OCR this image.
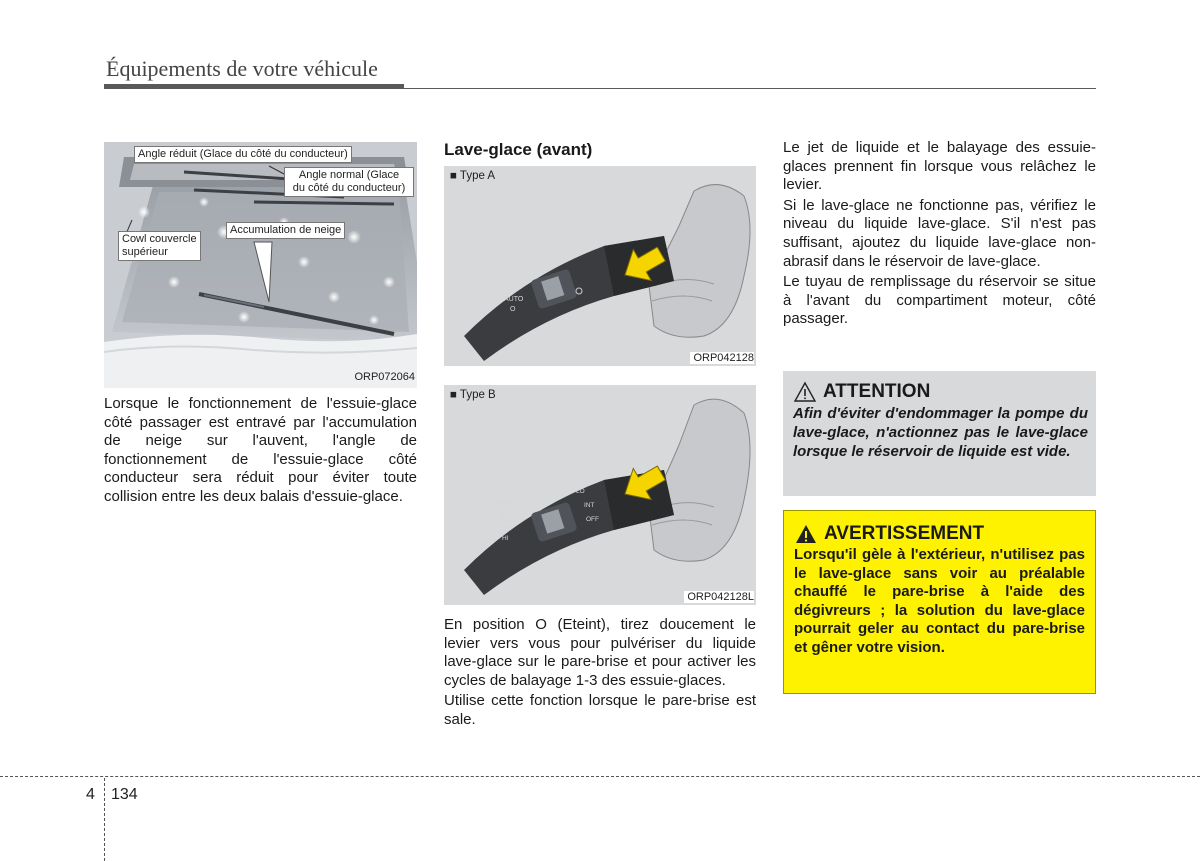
Équipements de votre véhicule
Angle réduit (Glace du côté du conducteur)
Angle normal (Glace
du côté du conducteur)
Accumulation de neige
Cowl couvercle
supérieur
ORP072064
Lorsque le fonctionnement de l'essuie-glace côté passager est entravé par l'accumulation de neige sur l'auvent, l'angle de fonctionnement de l'essuie-glace côté conducteur sera réduit pour éviter toute collision entre les deux balais d'essuie-glace.
Lave-glace (avant)
2
1
AUTO
O
■ Type A
ORP042128
MIST
OFF
AUTO
LO
HI
HI
LO
INT
OFF
■ Type B
ORP042128L

En position O (Eteint), tirez doucement le levier vers vous pour pulvériser du liquide lave-glace sur le pare-brise et pour activer les cycles de balayage 1-3 des essuie-glaces.

Utilise cette fonction lorsque le pare-brise est sale.

Le jet de liquide et le balayage des essuie-glaces prennent fin lorsque vous relâchez le levier.

Si le lave-glace ne fonctionne pas, vérifiez le niveau du liquide lave-glace. S'il n'est pas suffisant, ajoutez du liquide lave-glace non-abrasif dans le réservoir de lave-glace.

Le tuyau de remplissage du réservoir se situe à l'avant du compartiment moteur, côté passager.

ATTENTION
Afin d'éviter d'endommager la pompe du lave-glace, n'actionnez pas le lave-glace lorsque le réservoir de liquide est vide.
AVERTISSEMENT
Lorsqu'il gèle à l'extérieur, n'utilisez pas le lave-glace sans voir au préalable chauffé le pare-brise à l'aide des dégivreurs ; la solution du lave-glace pourrait geler au contact du pare-brise et gêner votre vision.
4 134
